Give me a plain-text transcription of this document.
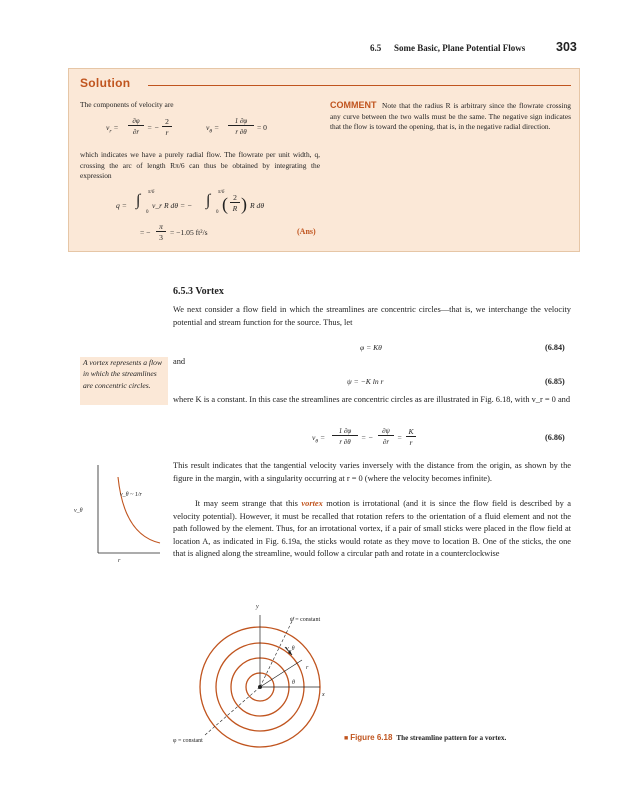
6.5 Some Basic, Plane Potential Flows 303
Solution
The components of velocity are
$v_r$ =
∂φ
∂r	= −
2
r
$v_\theta$ =
1 ∂φ
r ∂θ	= 0
which indicates we have a purely radial flow. The flowrate per unit width, q, crossing the arc of length Rπ/6 can thus be obtained by integrating the expression
q = ∫ π/6
0
v_r R dθ = − ∫ π/6
0 ( 2
R ) R dθ
= −
π
3
= −1.05 ft²/s	(Ans)
COMMENT Note that the radius R is arbitrary since the flowrate crossing any curve between the two walls must be the same. The negative sign indicates that the flow is toward the opening, that is, in the negative radial direction.
6.5.3 Vortex
We next consider a flow field in which the streamlines are concentric circles—that is, we interchange the velocity potential and stream function for the source. Thus, let
φ = Kθ	(6.84)
and
ψ = −K ln r	(6.85)
where K is a constant. In this case the streamlines are concentric circles as are illustrated in Fig. 6.18, with v_r = 0 and
$v_\theta$ =
1 ∂φ
r ∂θ	= −
∂ψ
∂r	=
K
r
(6.86)
This result indicates that the tangential velocity varies inversely with the distance from the origin, as shown by the figure in the margin, with a singularity occurring at r = 0 (where the velocity becomes infinite).
It may seem strange that this vortex motion is irrotational (and it is since the flow field is described by a velocity potential). However, it must be recalled that rotation refers to the orientation of a fluid element and not the path followed by the element. Thus, for an irrotational vortex, if a pair of small sticks were placed in the flow field at location A, as indicated in Fig. 6.19a, the sticks would rotate as they move to location B. One of the sticks, the one that is aligned along the streamline, would follow a circular path and rotate in a counterclockwise
A vortex represents a flow in which the streamlines are concentric circles.
v_θ
r
v_θ ~ 1/r
y
ψ = constant
v_θ
r
θ
x
φ = constant	■ Figure 6.18 The streamline pattern for a vortex.
